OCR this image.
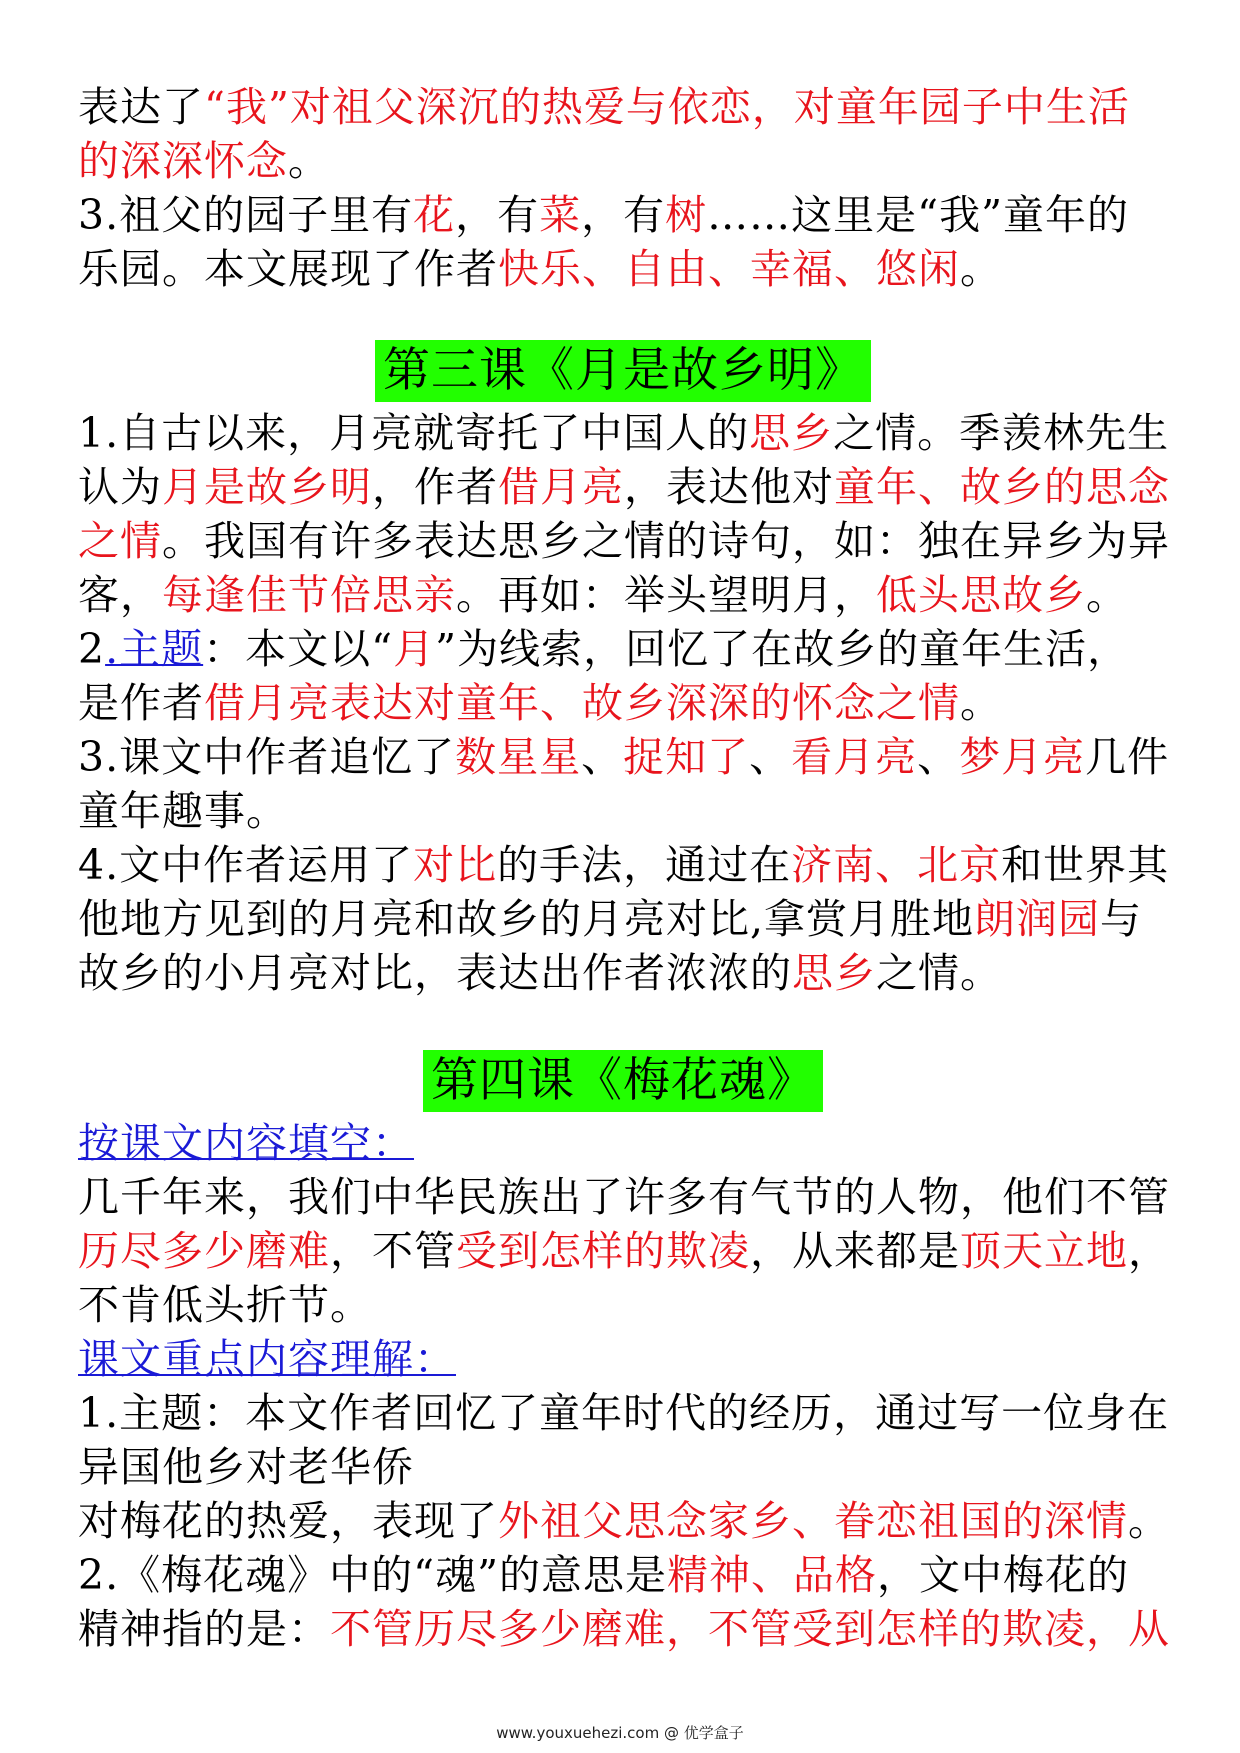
表达了“我”对祖父深沉的热爱与依恋，对童年园子中生活
的深深怀念。
3.祖父的园子里有花，有菜，有树……这里是“我”童年的
乐园。本文展现了作者快乐、自由、幸福、悠闲。
第三课《月是故乡明》
1.自古以来，月亮就寄托了中国人的思乡之情。季羡林先生
认为月是故乡明，作者借月亮，表达他对童年、故乡的思念
之情。我国有许多表达思乡之情的诗句，如：独在异乡为异
客，每逢佳节倍思亲。再如：举头望明月，低头思故乡。
2.主题：本文以“月”为线索，回忆了在故乡的童年生活，
是作者借月亮表达对童年、故乡深深的怀念之情。
3.课文中作者追忆了数星星、捉知了、看月亮、梦月亮几件
童年趣事。
4.文中作者运用了对比的手法，通过在济南、北京和世界其
他地方见到的月亮和故乡的月亮对比,拿赏月胜地朗润园与
故乡的小月亮对比，表达出作者浓浓的思乡之情。
第四课《梅花魂》
按课文内容填空：
几千年来，我们中华民族出了许多有气节的人物，他们不管
历尽多少磨难，不管受到怎样的欺凌，从来都是顶天立地，
不肯低头折节。
课文重点内容理解：
1.主题：本文作者回忆了童年时代的经历，通过写一位身在
异国他乡对老华侨
对梅花的热爱，表现了外祖父思念家乡、眷恋祖国的深情。
2.《梅花魂》中的“魂”的意思是精神、品格，文中梅花的
精神指的是：不管历尽多少磨难，不管受到怎样的欺凌，从
www.youxuehezi.com @ 优学盒子
